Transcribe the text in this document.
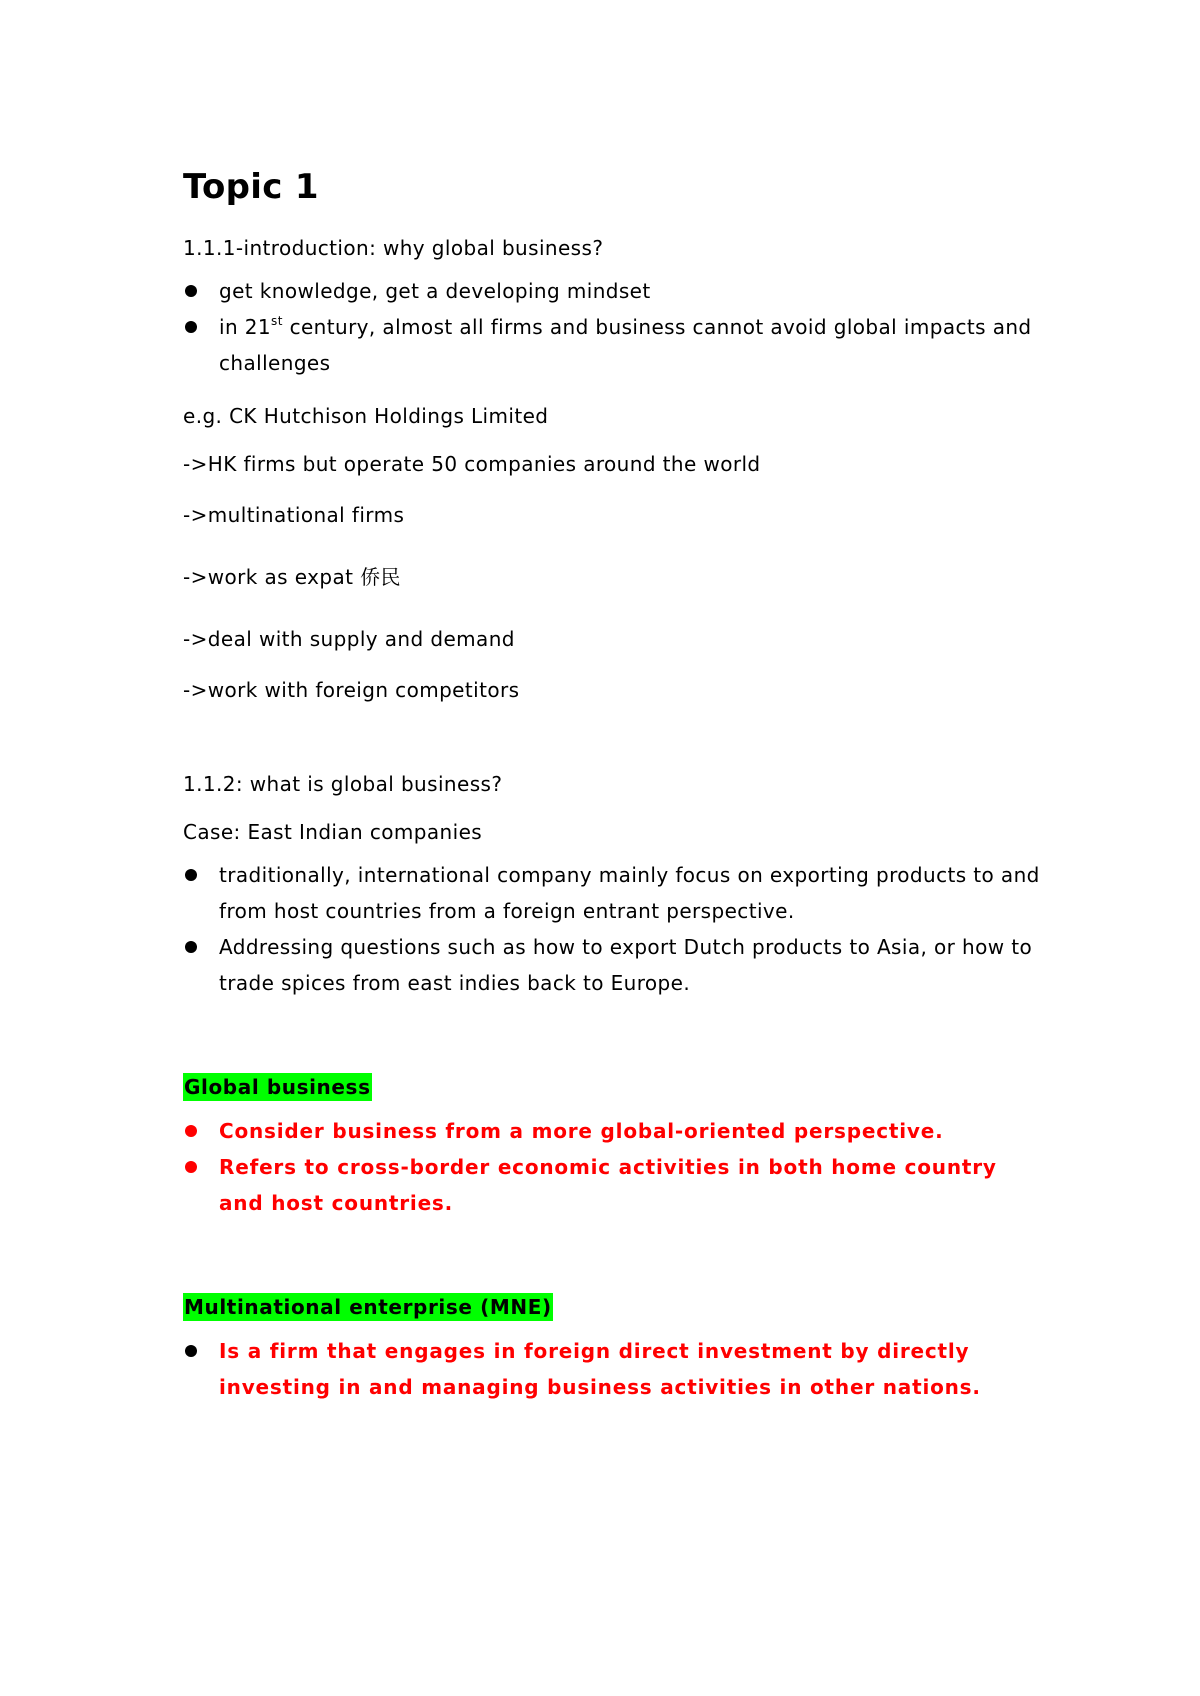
Topic 1

1.1.1-introduction: why global business?

get knowledge, get a developing mindset
in 21st century, almost all firms and business cannot avoid global impacts and challenges

e.g. CK Hutchison Holdings Limited

->HK firms but operate 50 companies around the world

->multinational firms

->work as expat 侨民

->deal with supply and demand

->work with foreign competitors

1.1.2: what is global business?

Case: East Indian companies

traditionally, international company mainly focus on exporting products to and from host countries from a foreign entrant perspective.
Addressing questions such as how to export Dutch products to Asia, or how to trade spices from east indies back to Europe.
Global business
Consider business from a more global-oriented perspective.
Refers to cross-border economic activities in both home country and host countries.
Multinational enterprise (MNE)
Is a firm that engages in foreign direct investment by directly investing in and managing business activities in other nations.
